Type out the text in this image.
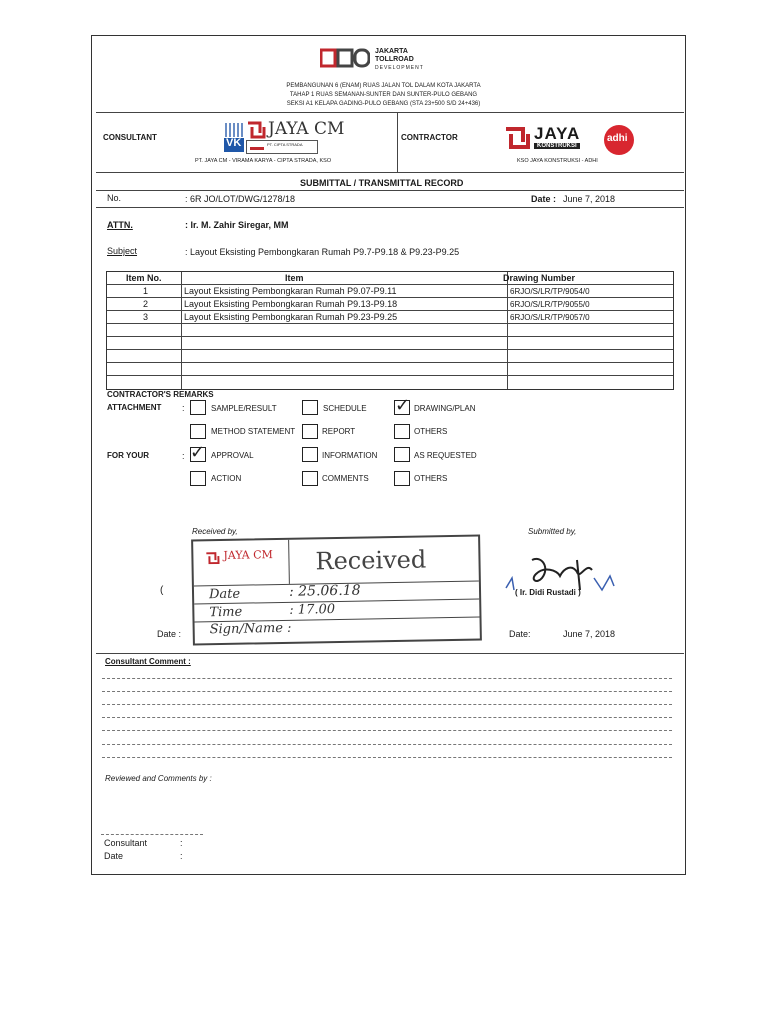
JAKARTA
TOLLROAD
DEVELOPMENT
PEMBANGUNAN 6 (ENAM) RUAS JALAN TOL DALAM KOTA JAKARTA
TAHAP 1 RUAS SEMANAN-SUNTER DAN SUNTER-PULO GEBANG
SEKSI A1 KELAPA GADING-PULO GEBANG (STA 23+500 S/D 24+436)
CONSULTANT	VK
JAYA CM
PT. CIPTA STRADA
PT. JAYA CM - VIRAMA KARYA - CIPTA STRADA, KSO
CONTRACTOR	JAYA
KONSTRUKSI
adhi
KSO JAYA KONSTRUKSI - ADHI
SUBMITTAL / TRANSMITTAL RECORD
No.	: 6R JO/LOT/DWG/1278/18	Date : June 7, 2018
ATTN.	: Ir. M. Zahir Siregar, MM
Subject	: Layout Eksisting Pembongkaran Rumah P9.7-P9.18 & P9.23-P9.25
Item No.	Item	Drawing Number
1	Layout Eksisting Pembongkaran Rumah P9.07-P9.11	6RJO/S/LR/TP/9054/0
2	Layout Eksisting Pembongkaran Rumah P9.13-P9.18	6RJO/S/LR/TP/9055/0
3	Layout Eksisting Pembongkaran Rumah P9.23-P9.25	6RJO/S/LR/TP/9057/0
CONTRACTOR'S REMARKS
ATTACHMENT :	SAMPLE/RESULT	SCHEDULE ✓ DRAWING/PLAN
METHOD STATEMENT	REPORT	OTHERS
FOR YOUR	: ✓ APPROVAL	INFORMATION	AS REQUESTED
ACTION	COMMENTS	OTHERS
Received by,	Submitted by,
(	( Ir. Didi Rustadi )
Date :	Date:	June 7, 2018
JAYA CM Received
Date	: 25.06.18
Time	: 17.00
Sign/Name :
Consultant Comment :
Reviewed and Comments by :
Consultant	:
Date	:
